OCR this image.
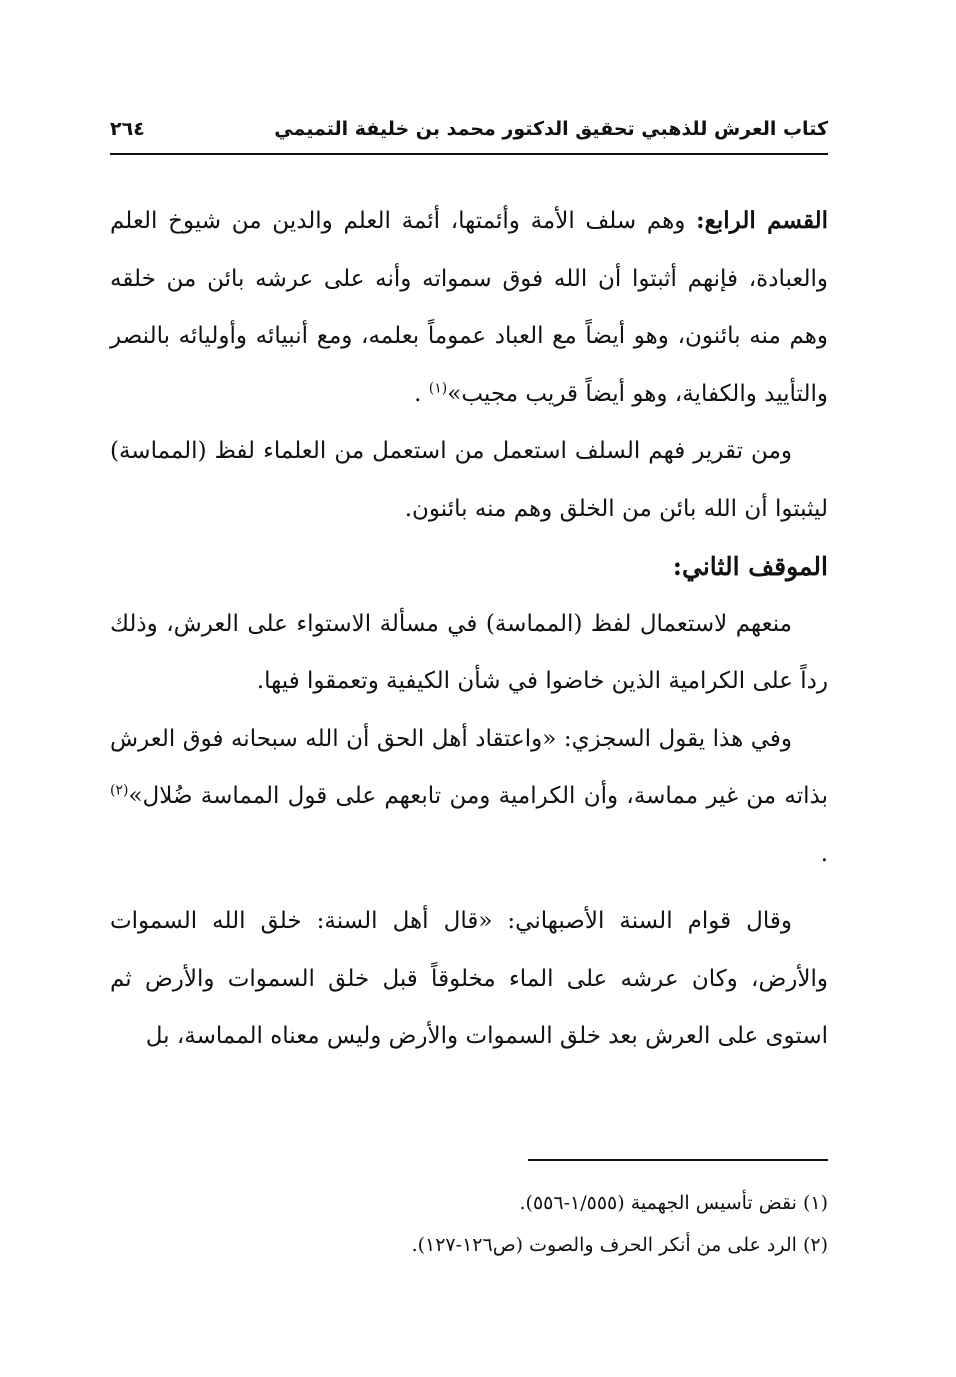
كتاب العرش للذهبي تحقيق الدكتور محمد بن خليفة التميمي
٢٦٤

القسم الرابع: وهم سلف الأمة وأئمتها، أئمة العلم والدين من شيوخ العلم والعبادة، فإنهم أثبتوا أن الله فوق سمواته وأنه على عرشه بائن من خلقه وهم منه بائنون، وهو أيضاً مع العباد عموماً بعلمه، ومع أنبيائه وأوليائه بالنصر والتأييد والكفاية، وهو أيضاً قريب مجيب»$^{(١)}$ .

ومن تقرير فهم السلف استعمل من استعمل من العلماء لفظ (المماسة) ليثبتوا أن الله بائن من الخلق وهم منه بائنون.

الموقف الثاني:

منعهم لاستعمال لفظ (المماسة) في مسألة الاستواء على العرش، وذلك رداً على الكرامية الذين خاضوا في شأن الكيفية وتعمقوا فيها.

وفي هذا يقول السجزي: «واعتقاد أهل الحق أن الله سبحانه فوق العرش بذاته من غير مماسة، وأن الكرامية ومن تابعهم على قول المماسة ضُلال»$^{(٢)}$ .

وقال قوام السنة الأصبهاني: «قال أهل السنة: خلق الله السموات والأرض، وكان عرشه على الماء مخلوقاً قبل خلق السموات والأرض ثم استوى على العرش بعد خلق السموات والأرض وليس معناه المماسة، بل

(١) نقض تأسيس الجهمية (١/٥٥٥-٥٥٦).

(٢) الرد على من أنكر الحرف والصوت (ص١٢٦-١٢٧).
